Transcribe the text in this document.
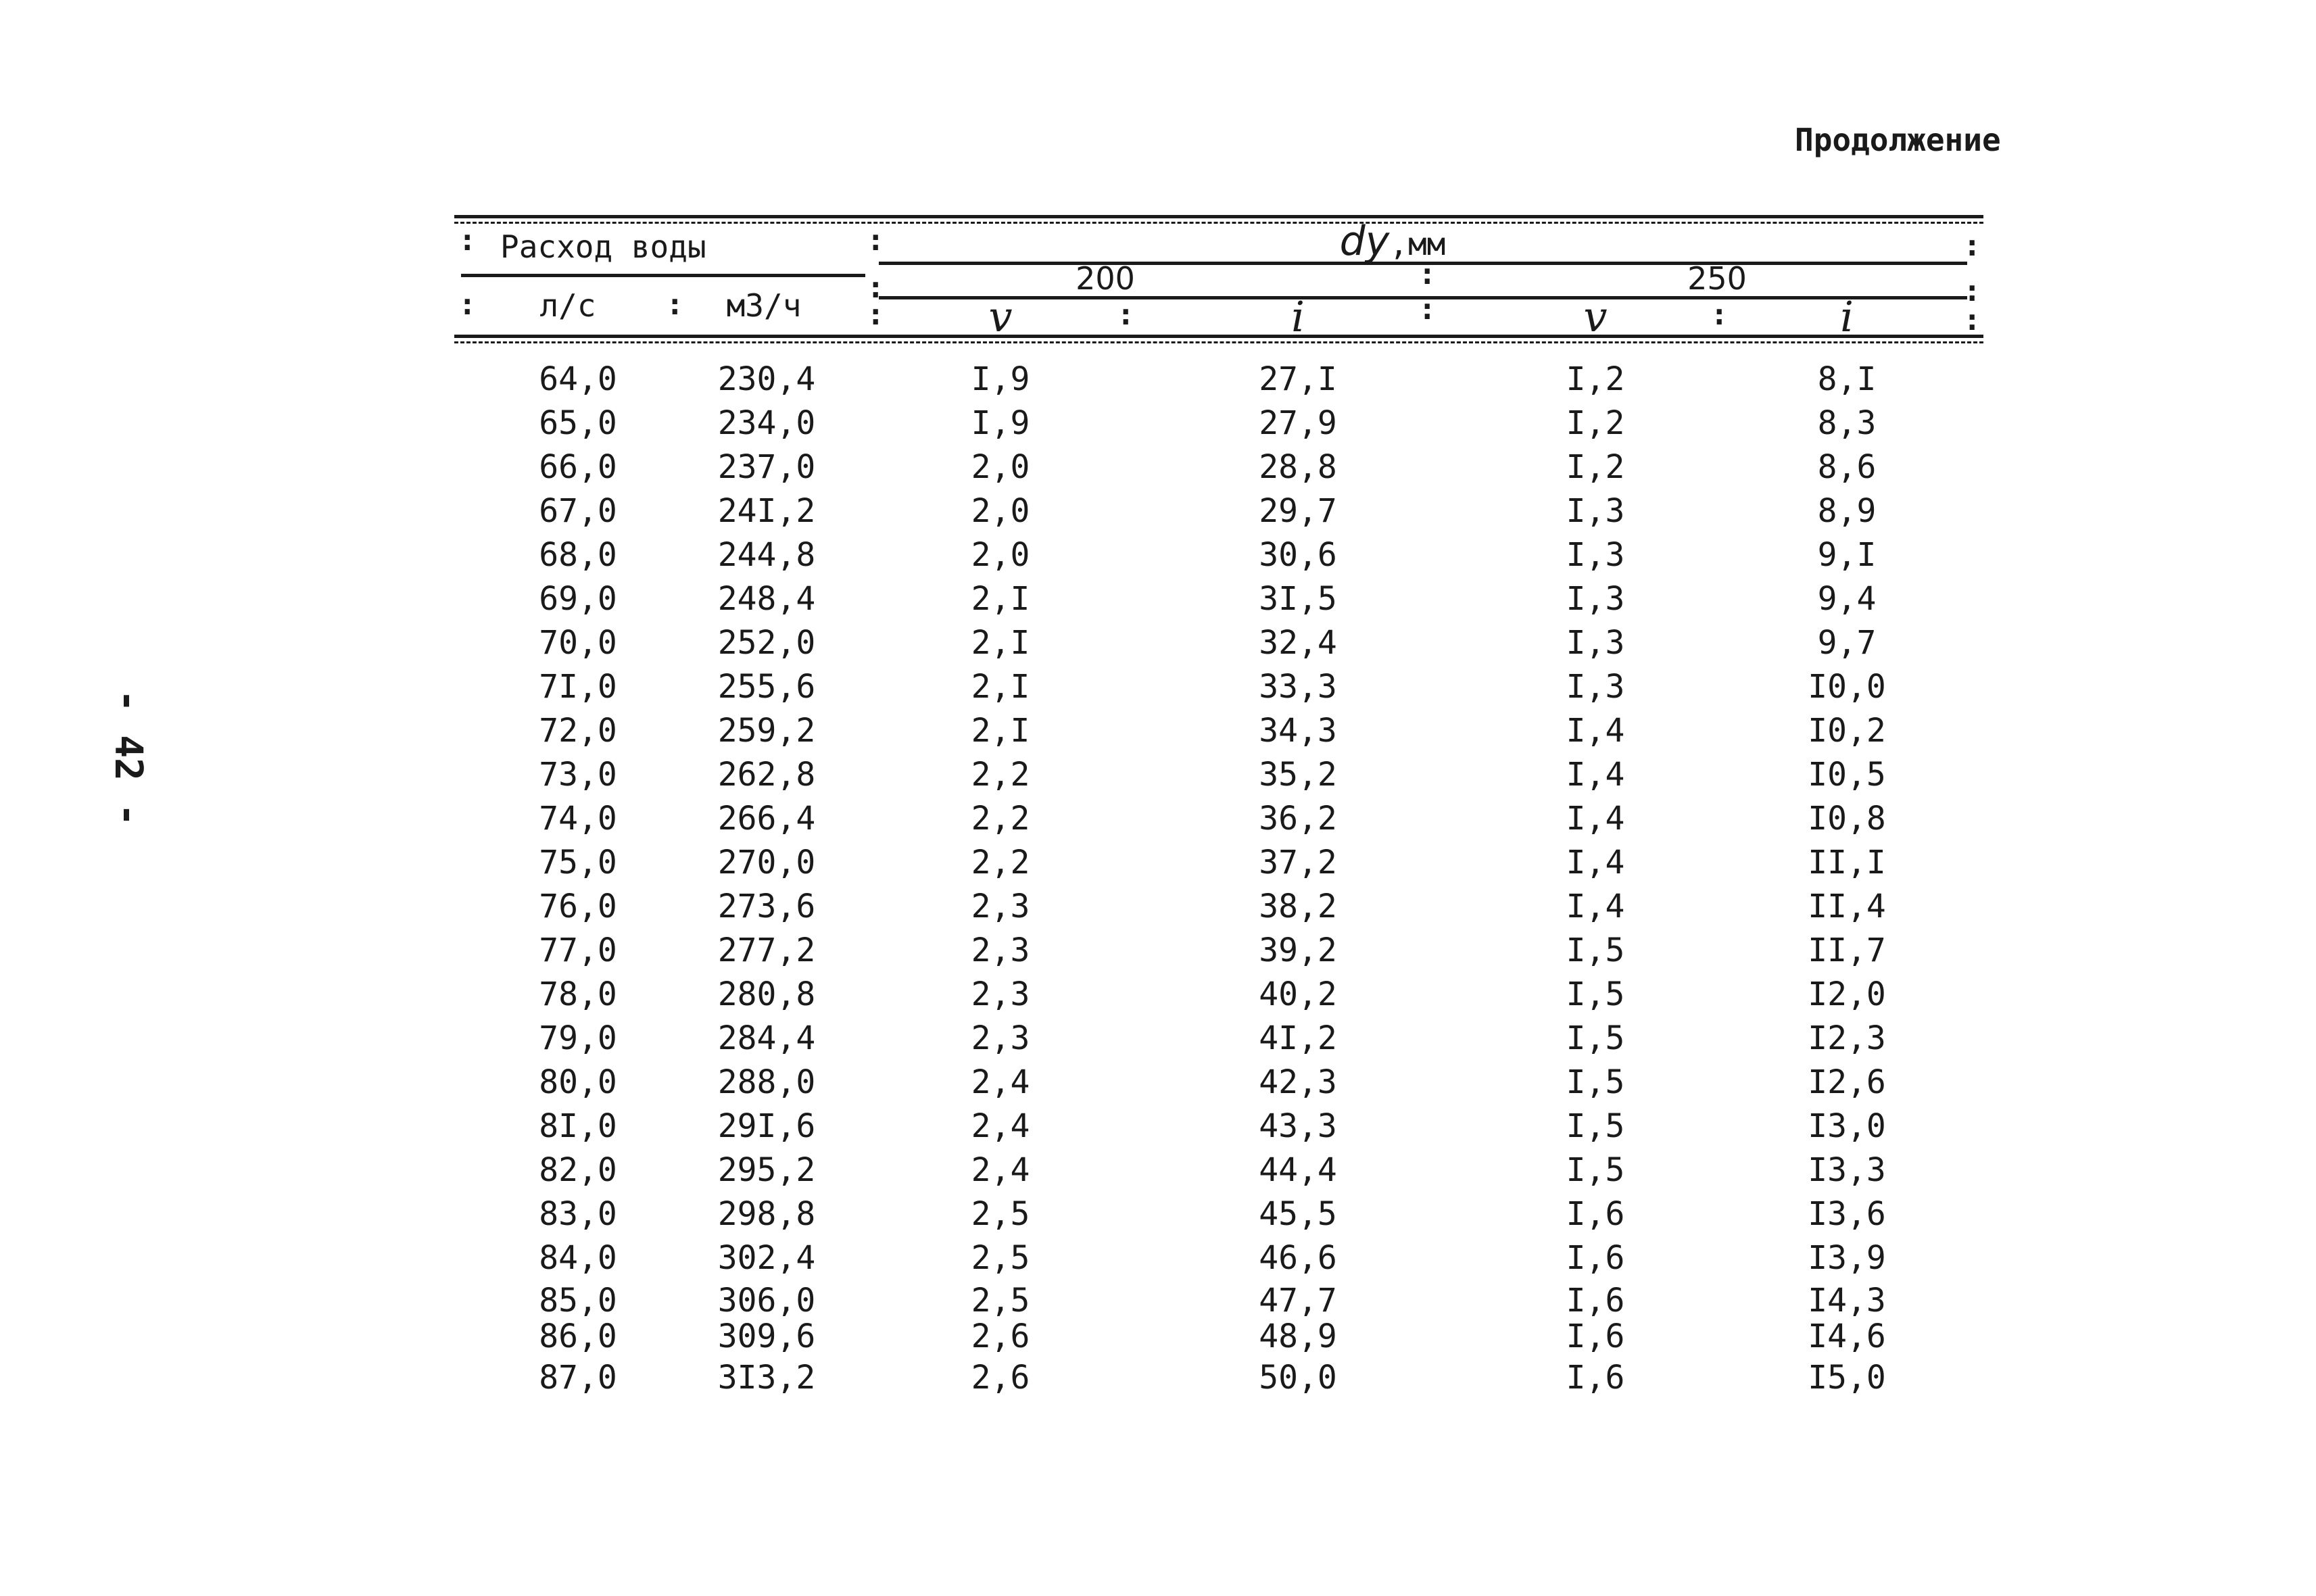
Продолжение
- 42 -
:
:	:
:
:
:	:
:
:	:
:
:
:
Расход воды	dy,мм
л/с	м3/ч
200	250
v	i	v	i
64,0	230,4	I,9	27,I	I,2	8,I
65,0	234,0	I,9	27,9	I,2	8,3
66,0	237,0	2,0	28,8	I,2	8,6
67,0	24I,2	2,0	29,7	I,3	8,9
68,0	244,8	2,0	30,6	I,3	9,I
69,0	248,4	2,I	3I,5	I,3	9,4
70,0	252,0	2,I	32,4	I,3	9,7
7I,0	255,6	2,I	33,3	I,3	I0,0
72,0	259,2	2,I	34,3	I,4	I0,2
73,0	262,8	2,2	35,2	I,4	I0,5
74,0	266,4	2,2	36,2	I,4	I0,8
75,0	270,0	2,2	37,2	I,4	II,I
76,0	273,6	2,3	38,2	I,4	II,4
77,0	277,2	2,3	39,2	I,5	II,7
78,0	280,8	2,3	40,2	I,5	I2,0
79,0	284,4	2,3	4I,2	I,5	I2,3
80,0	288,0	2,4	42,3	I,5	I2,6
8I,0	29I,6	2,4	43,3	I,5	I3,0
82,0	295,2	2,4	44,4	I,5	I3,3
83,0	298,8	2,5	45,5	I,6	I3,6
84,0	302,4	2,5	46,6	I,6	I3,9
85,0	306,0	2,5	47,7	I,6	I4,3
86,0	309,6	2,6	48,9	I,6	I4,6
87,0	3I3,2	2,6	50,0	I,6	I5,0
